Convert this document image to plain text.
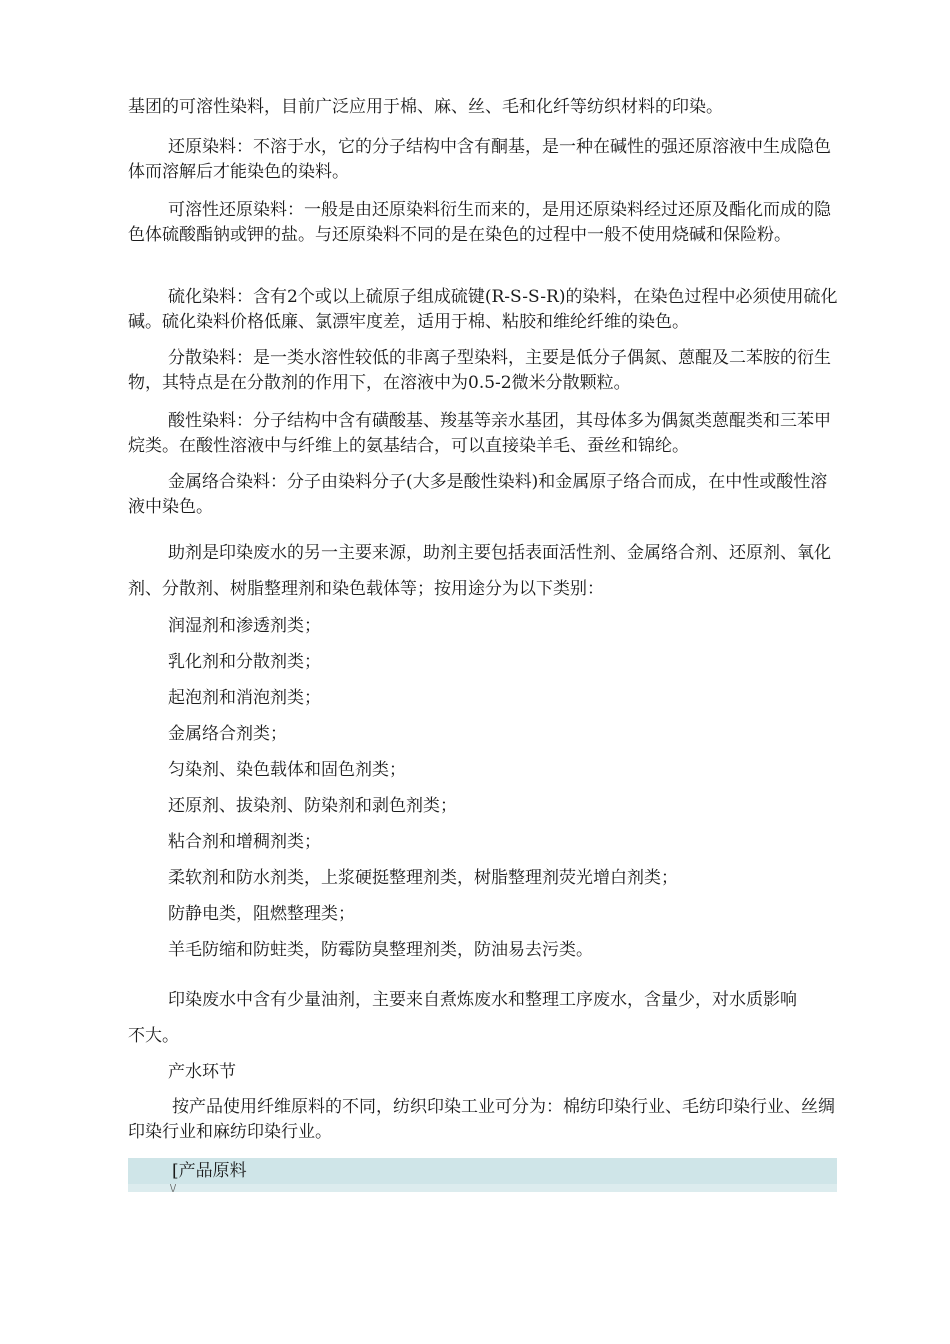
基团的可溶性染料，目前广泛应用于棉、麻、丝、毛和化纤等纺织材料的印染。

还原染料：不溶于水，它的分子结构中含有酮基，是一种在碱性的强还原溶液中生成隐色体而溶解后才能染色的染料。

可溶性还原染料：一般是由还原染料衍生而来的，是用还原染料经过还原及酯化而成的隐色体硫酸酯钠或钾的盐。与还原染料不同的是在染色的过程中一般不使用烧碱和保险粉。

硫化染料：含有2个或以上硫原子组成硫键(R-S-S-R)的染料，在染色过程中必须使用硫化碱。硫化染料价格低廉、氯漂牢度差，适用于棉、粘胶和维纶纤维的染色。

分散染料：是一类水溶性较低的非离子型染料，主要是低分子偶氮、蒽醌及二苯胺的衍生物，其特点是在分散剂的作用下，在溶液中为0.5-2微米分散颗粒。

酸性染料：分子结构中含有磺酸基、羧基等亲水基团，其母体多为偶氮类蒽醌类和三苯甲烷类。在酸性溶液中与纤维上的氨基结合，可以直接染羊毛、蚕丝和锦纶。

金属络合染料：分子由染料分子(大多是酸性染料)和金属原子络合而成，在中性或酸性溶液中染色。

助剂是印染废水的另一主要来源，助剂主要包括表面活性剂、金属络合剂、还原剂、氧化剂、分散剂、树脂整理剂和染色载体等；按用途分为以下类别：

润湿剂和渗透剂类；

乳化剂和分散剂类；

起泡剂和消泡剂类；

金属络合剂类；

匀染剂、染色载体和固色剂类；

还原剂、拔染剂、防染剂和剥色剂类；

粘合剂和增稠剂类；

柔软剂和防水剂类，上浆硬挺整理剂类，树脂整理剂荧光增白剂类；

防静电类，阻燃整理类；

羊毛防缩和防蛀类，防霉防臭整理剂类，防油易去污类。

印染废水中含有少量油剂，主要来自煮炼废水和整理工序废水，含量少，对水质影响不大。

产水环节

按产品使用纤维原料的不同，纺织印染工业可分为：棉纺印染行业、毛纺印染行业、丝绸印染行业和麻纺印染行业。

[产品原料
\/
